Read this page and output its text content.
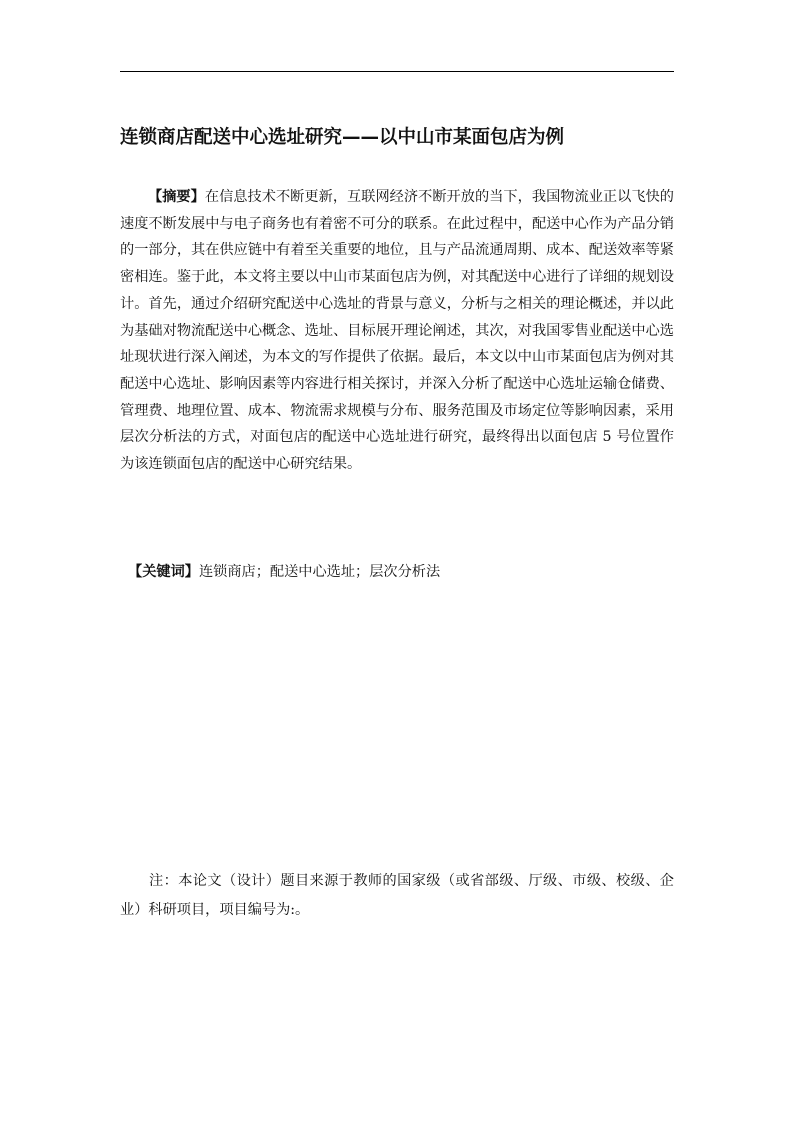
连锁商店配送中心选址研究——以中山市某面包店为例

【摘要】在信息技术不断更新，互联网经济不断开放的当下，我国物流业正以飞快的速度不断发展中与电子商务也有着密不可分的联系。在此过程中，配送中心作为产品分销的一部分，其在供应链中有着至关重要的地位，且与产品流通周期、成本、配送效率等紧密相连。鉴于此，本文将主要以中山市某面包店为例，对其配送中心进行了详细的规划设计。首先，通过介绍研究配送中心选址的背景与意义，分析与之相关的理论概述，并以此为基础对物流配送中心概念、选址、目标展开理论阐述，其次，对我国零售业配送中心选址现状进行深入阐述，为本文的写作提供了依据。最后，本文以中山市某面包店为例对其配送中心选址、影响因素等内容进行相关探讨，并深入分析了配送中心选址运输仓储费、管理费、地理位置、成本、物流需求规模与分布、服务范围及市场定位等影响因素，采用层次分析法的方式，对面包店的配送中心选址进行研究，最终得出以面包店 5 号位置作为该连锁面包店的配送中心研究结果。

【关键词】连锁商店；配送中心选址；层次分析法

注：本论文（设计）题目来源于教师的国家级（或省部级、厅级、市级、校级、企业）科研项目，项目编号为:。
